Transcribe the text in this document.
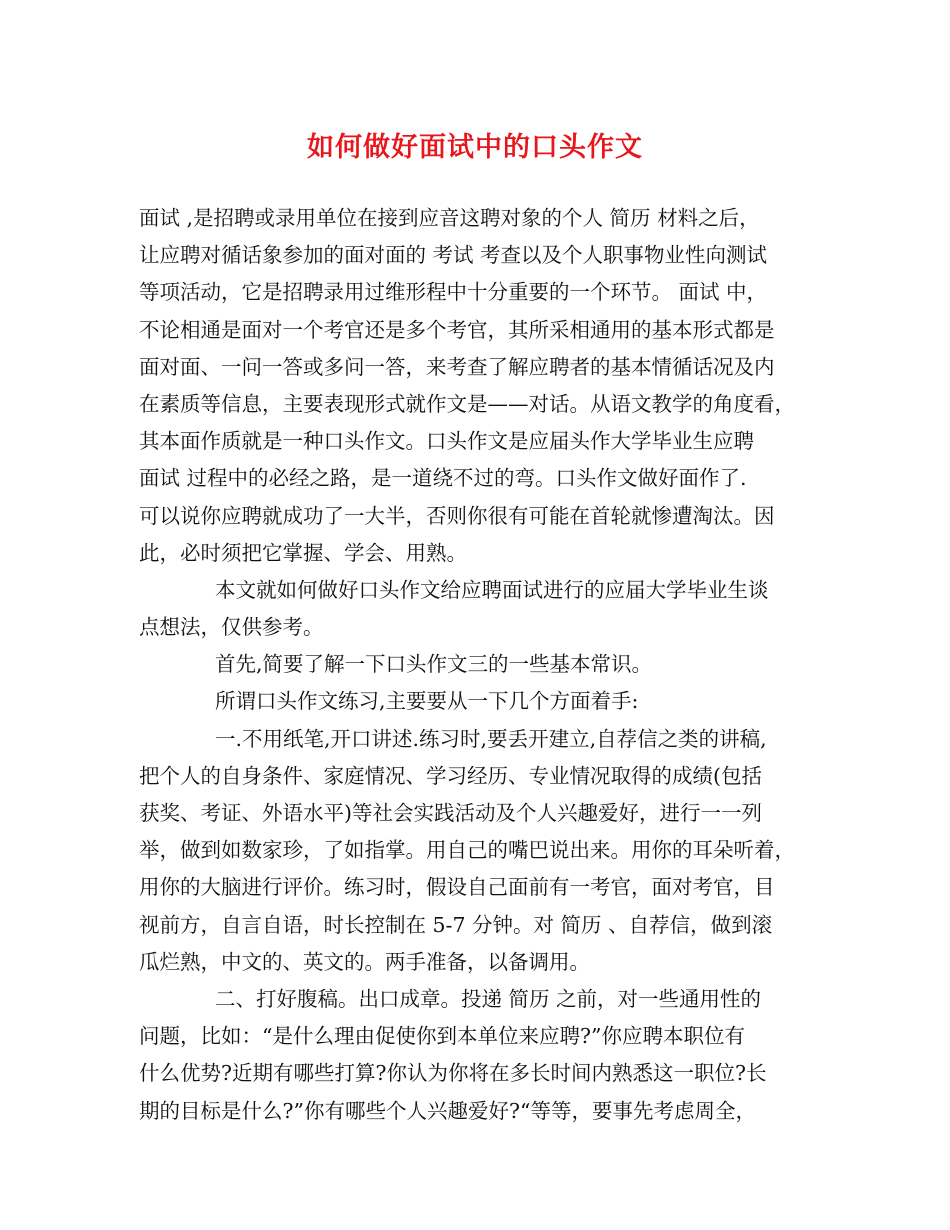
如何做好面试中的口头作文

面试 ,是招聘或录用单位在接到应音这聘对象的个人 简历 材料之后，

让应聘对循话象参加的面对面的 考试 考查以及个人职事物业性向测试

等项活动，它是招聘录用过维形程中十分重要的一个环节。 面试 中，

不论相通是面对一个考官还是多个考官，其所采相通用的基本形式都是

面对面、一问一答或多问一答，来考查了解应聘者的基本情循话况及内

在素质等信息，主要表现形式就作文是——对话。从语文教学的角度看，

其本面作质就是一种口头作文。口头作文是应届头作大学毕业生应聘

面试 过程中的必经之路，是一道绕不过的弯。口头作文做好面作了.

可以说你应聘就成功了一大半，否则你很有可能在首轮就惨遭淘汰。因

此，必时须把它掌握、学会、用熟。

本文就如何做好口头作文给应聘面试进行的应届大学毕业生谈

点想法，仅供参考。

首先,简要了解一下口头作文三的一些基本常识。

所谓口头作文练习,主要要从一下几个方面着手:

一.不用纸笔,开口讲述.练习时,要丢开建立,自荐信之类的讲稿,

把个人的自身条件、家庭情况、学习经历、专业情况取得的成绩(包括

获奖、考证、外语水平)等社会实践活动及个人兴趣爱好，进行一一列

举，做到如数家珍，了如指掌。用自己的嘴巴说出来。用你的耳朵听着，

用你的大脑进行评价。练习时，假设自己面前有一考官，面对考官，目

视前方，自言自语，时长控制在 5-7 分钟。对 简历 、自荐信，做到滚

瓜烂熟，中文的、英文的。两手准备，以备调用。

二、打好腹稿。出口成章。投递 简历 之前，对一些通用性的

问题，比如：“是什么理由促使你到本单位来应聘?”你应聘本职位有

什么优势?近期有哪些打算?你认为你将在多长时间内熟悉这一职位?长

期的目标是什么?”你有哪些个人兴趣爱好?“等等，要事先考虑周全，
